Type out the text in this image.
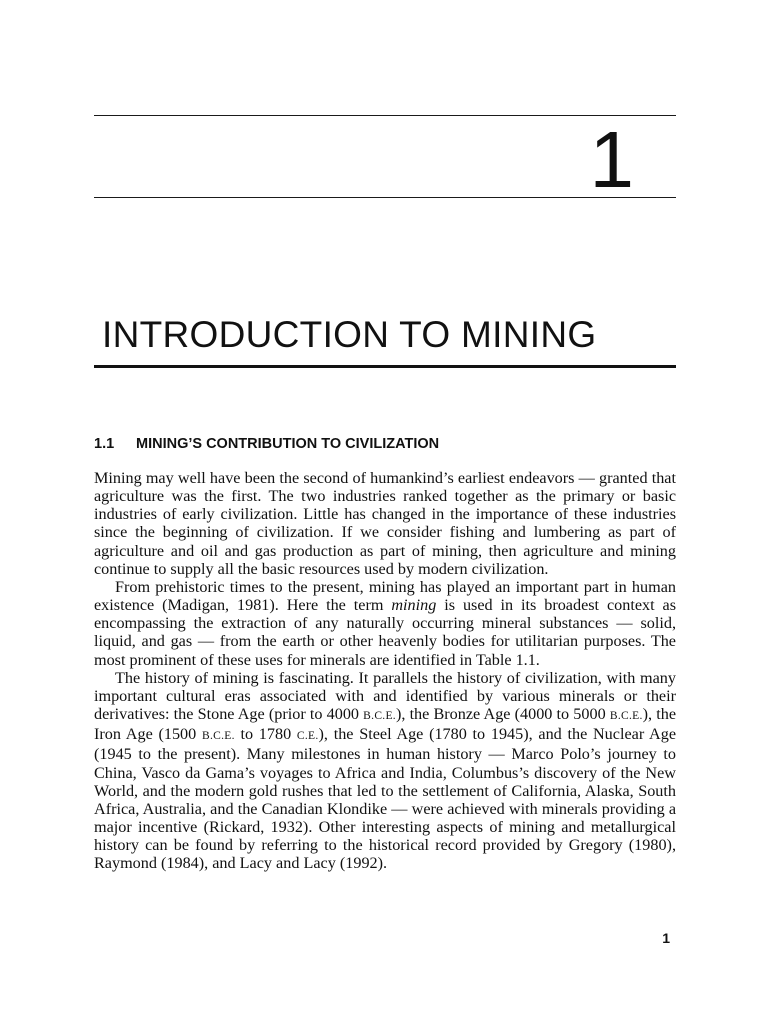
1
INTRODUCTION TO MINING
1.1 MINING’S CONTRIBUTION TO CIVILIZATION

Mining may well have been the second of humankind’s earliest endeavors — granted that agriculture was the first. The two industries ranked together as the primary or basic industries of early civilization. Little has changed in the importance of these industries since the beginning of civilization. If we consider fishing and lumbering as part of agriculture and oil and gas production as part of mining, then agriculture and mining continue to supply all the basic resources used by modern civilization.

From prehistoric times to the present, mining has played an important part in human existence (Madigan, 1981). Here the term mining is used in its broadest context as encompassing the extraction of any naturally occurring mineral substances — solid, liquid, and gas — from the earth or other heavenly bodies for utilitarian purposes. The most prominent of these uses for minerals are identified in Table 1.1.

The history of mining is fascinating. It parallels the history of civilization, with many important cultural eras associated with and identified by various minerals or their derivatives: the Stone Age (prior to 4000 B.C.E.), the Bronze Age (4000 to 5000 B.C.E.), the Iron Age (1500 B.C.E. to 1780 C.E.), the Steel Age (1780 to 1945), and the Nuclear Age (1945 to the present). Many milestones in human history — Marco Polo’s journey to China, Vasco da Gama’s voyages to Africa and India, Columbus’s discovery of the New World, and the modern gold rushes that led to the settlement of California, Alaska, South Africa, Australia, and the Canadian Klondike — were achieved with minerals providing a major incentive (Rickard, 1932). Other interesting aspects of mining and metallurgical history can be found by referring to the historical record provided by Gregory (1980), Raymond (1984), and Lacy and Lacy (1992).

1
